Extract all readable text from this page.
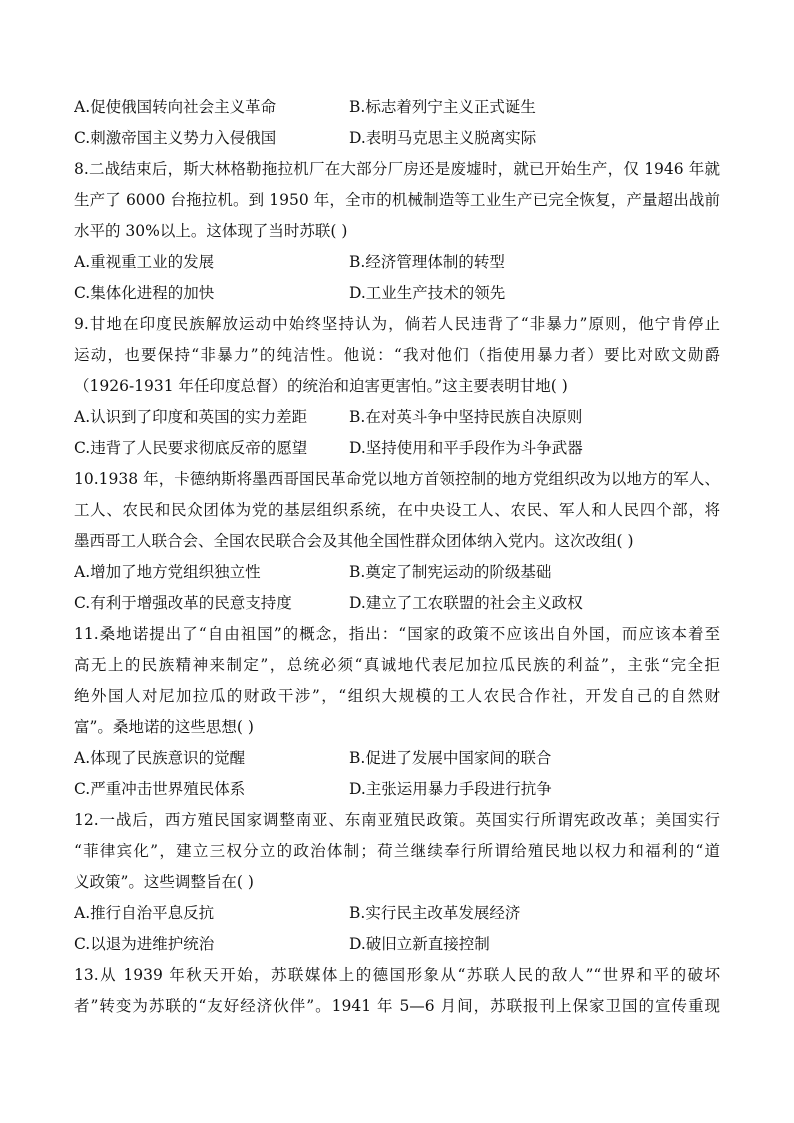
A.促使俄国转向社会主义革命	B.标志着列宁主义正式诞生
C.刺激帝国主义势力入侵俄国	D.表明马克思主义脱离实际
8.二战结束后，斯大林格勒拖拉机厂在大部分厂房还是废墟时，就已开始生产，仅 1946 年就
生产了 6000 台拖拉机。到 1950 年，全市的机械制造等工业生产已完全恢复，产量超出战前
水平的 30%以上。这体现了当时苏联( )
A.重视重工业的发展	B.经济管理体制的转型
C.集体化进程的加快	D.工业生产技术的领先
9.甘地在印度民族解放运动中始终坚持认为，倘若人民违背了“非暴力”原则，他宁肯停止
运动，也要保持“非暴力”的纯洁性。他说：“我对他们（指使用暴力者）要比对欧文勋爵
（1926-1931 年任印度总督）的统治和迫害更害怕。”这主要表明甘地( )
A.认识到了印度和英国的实力差距	B.在对英斗争中坚持民族自决原则
C.违背了人民要求彻底反帝的愿望	D.坚持使用和平手段作为斗争武器
10.1938 年，卡德纳斯将墨西哥国民革命党以地方首领控制的地方党组织改为以地方的军人、
工人、农民和民众团体为党的基层组织系统，在中央设工人、农民、军人和人民四个部，将
墨西哥工人联合会、全国农民联合会及其他全国性群众团体纳入党内。这次改组( )
A.增加了地方党组织独立性	B.奠定了制宪运动的阶级基础
C.有利于增强改革的民意支持度	D.建立了工农联盟的社会主义政权
11.桑地诺提出了“自由祖国”的概念，指出：“国家的政策不应该出自外国，而应该本着至
高无上的民族精神来制定”，总统必须“真诚地代表尼加拉瓜民族的利益”，主张“完全拒
绝外国人对尼加拉瓜的财政干涉”，“组织大规模的工人农民合作社，开发自己的自然财
富”。桑地诺的这些思想( )
A.体现了民族意识的觉醒	B.促进了发展中国家间的联合
C.严重冲击世界殖民体系	D.主张运用暴力手段进行抗争
12.一战后，西方殖民国家调整南亚、东南亚殖民政策。英国实行所谓宪政改革；美国实行
“菲律宾化”，建立三权分立的政治体制；荷兰继续奉行所谓给殖民地以权力和福利的“道
义政策”。这些调整旨在( )
A.推行自治平息反抗	B.实行民主改革发展经济
C.以退为进维护统治	D.破旧立新直接控制
13.从 1939 年秋天开始，苏联媒体上的德国形象从“苏联人民的敌人”“世界和平的破坏
者”转变为苏联的“友好经济伙伴”。1941 年 5—6 月间，苏联报刊上保家卫国的宣传重现
